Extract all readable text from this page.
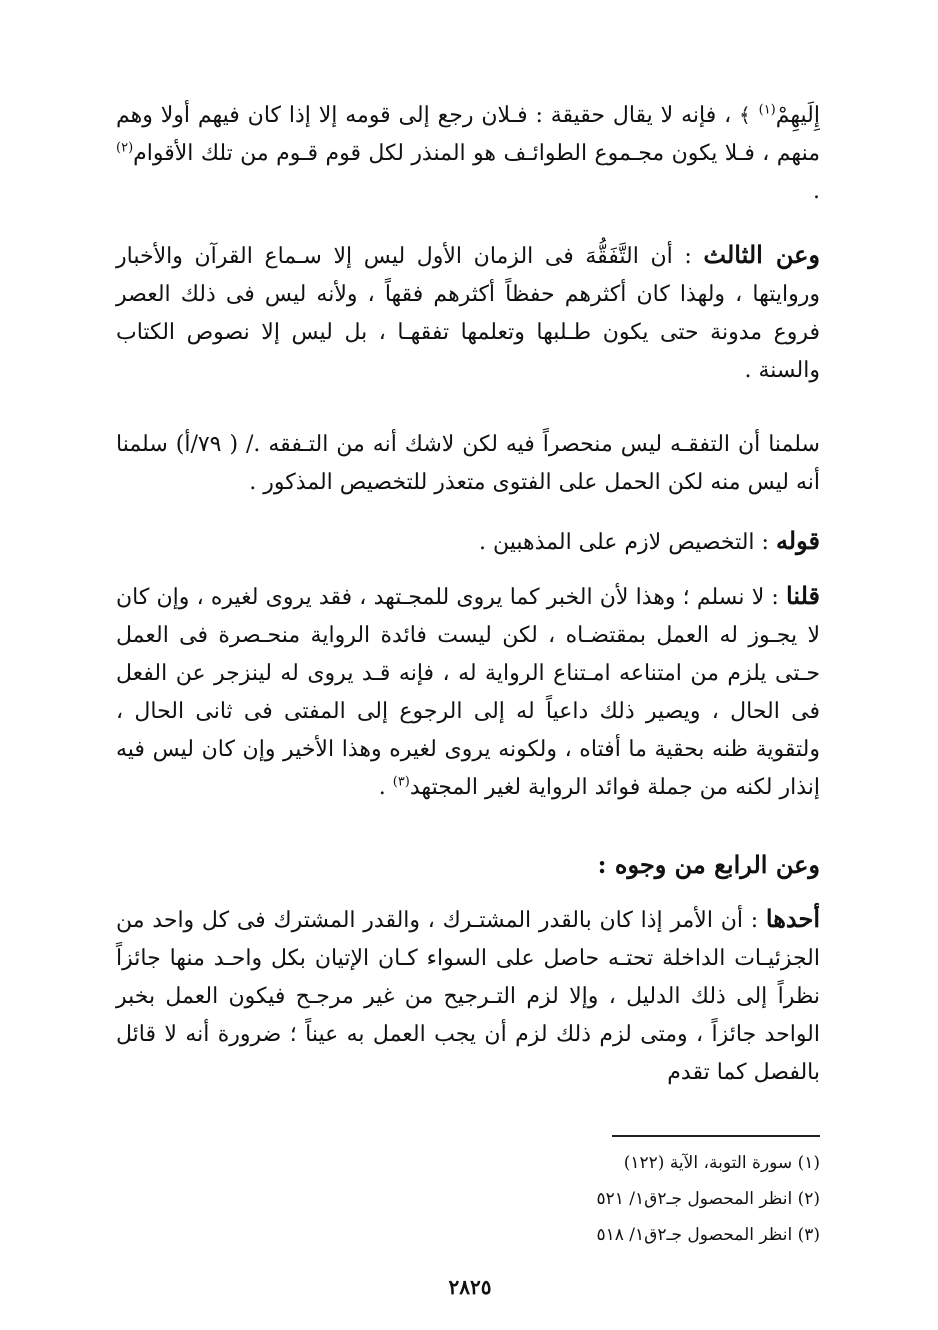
إِلَيهِمْ$^{(١)}$ ﴾ ، فإنه لا يقال حقيقة : فـلان رجع إلى قومه إلا إذا كان فيهم أولا وهم منهم ، فـلا يكون مجـموع الطوائـف هو المنذر لكل قوم قـوم من تلك الأقوام$^{(٢)}$ .

وعن الثالث : أن التَّفَقُّهَ فى الزمان الأول ليس إلا سـماع القرآن والأخبار وروايتها ، ولهذا كان أكثرهم حفظاً أكثرهم فقهاً ، ولأنه ليس فى ذلك العصر فروع مدونة حتى يكون طـلبها وتعلمها تفقهـا ، بل ليس إلا نصوص الكتاب والسنة .

سلمنا أن التفقـه ليس منحصراً فيه لكن لاشك أنه من التـفقه ./ ( ٧٩/أ) سلمنا أنه ليس منه لكن الحمل على الفتوى متعذر للتخصيص المذكور .

قوله : التخصيص لازم على المذهبين .

قلنا : لا نسلم ؛ وهذا لأن الخبر كما يروى للمجـتهد ، فقد يروى لغيره ، وإن كان لا يجـوز له العمل بمقتضـاه ، لكن ليست فائدة الرواية منحـصرة فى العمل حـتى يلزم من امتناعه امـتناع الرواية له ، فإنه قـد يروى له لينزجر عن الفعل فى الحال ، ويصير ذلك داعياً له إلى الرجوع إلى المفتى فى ثانى الحال ، ولتقوية ظنه بحقية ما أفتاه ، ولكونه يروى لغيره وهذا الأخير وإن كان ليس فيه إنذار لكنه من جملة فوائد الرواية لغير المجتهد$^{(٣)}$ .

وعن الرابع من وجوه :

أحدها : أن الأمر إذا كان بالقدر المشتـرك ، والقدر المشترك فى كل واحد من الجزئيـات الداخلة تحتـه حاصل على السواء كـان الإتيان بكل واحـد منها جائزاً نظراً إلى ذلك الدليل ، وإلا لزم التـرجيح من غير مرجـح فيكون العمل بخبر الواحد جائزاً ، ومتى لزم ذلك لزم أن يجب العمل به عيناً ؛ ضرورة أنه لا قائل بالفصل كما تقدم

(١) سورة التوبة، الآية (١٢٢)

(٢) انظر المحصول جـ٢ق١/ ٥٢١

(٣) انظر المحصول جـ٢ق١/ ٥١٨

٢٨٢٥
